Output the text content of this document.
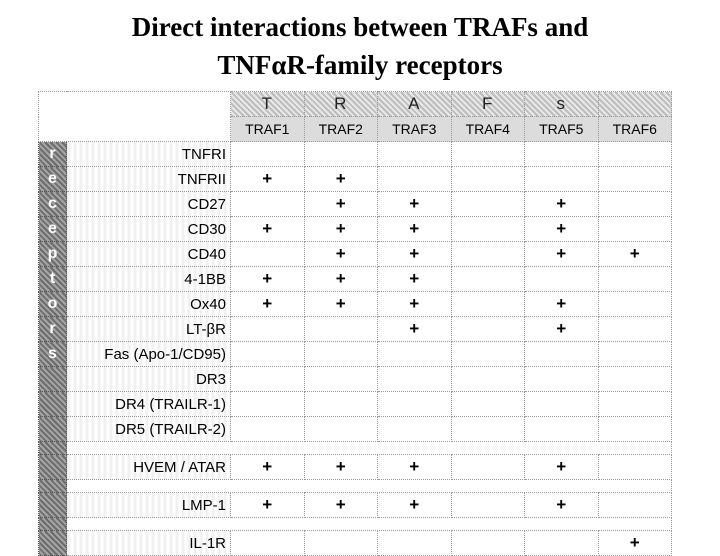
Direct interactions between TRAFs and
TNFαR-family receptors
		T	R	A	F	s	
		TRAF1	TRAF2	TRAF3	TRAF4	TRAF5	TRAF6
r	TNFRI						
e	TNFRII	+	+				
c	CD27		+	+		+	
e	CD30	+	+	+		+	
p	CD40		+	+		+	+
t	4-1BB	+	+	+			
o	Ox40	+	+	+		+	
r	LT-βR			+		+	
s	Fas (Apo-1/CD95)						
	DR3						
	DR4 (TRAILR-1)						
	DR5 (TRAILR-2)						

	HVEM / ATAR	+	+	+		+	

	LMP-1	+	+	+		+	

	IL-1R						+
